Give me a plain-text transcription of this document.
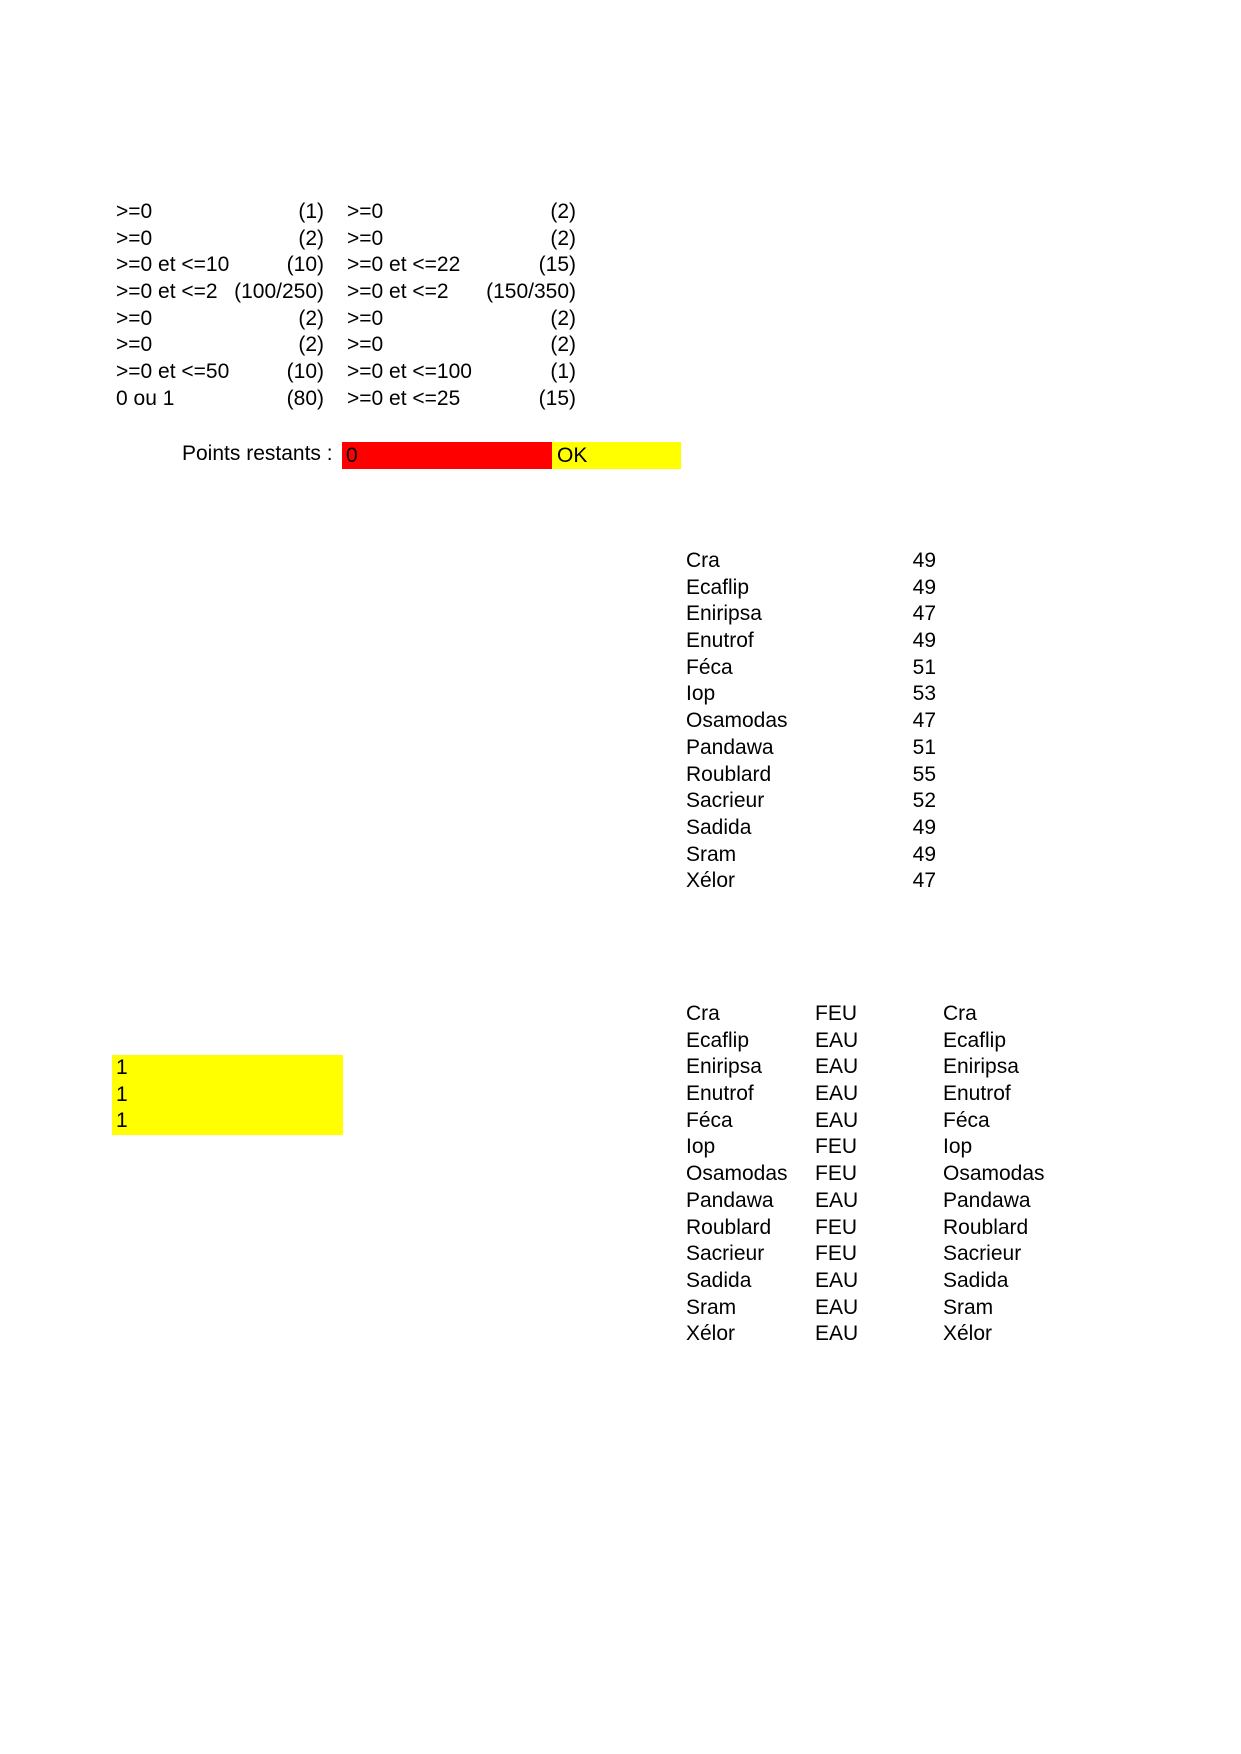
>=0	(1) >=0	(2)
>=0	(2) >=0	(2)
>=0 et <=10	(10) >=0 et <=22	(15)
>=0 et <=2 (100/250) >=0 et <=2 (150/350)
>=0	(2) >=0	(2)
>=0	(2) >=0	(2)
>=0 et <=50	(10) >=0 et <=100	(1)
0 ou 1	(80) >=0 et <=25	(15)
Points restants : 0	OK
Cra	49
Ecaflip	49
Eniripsa	47
Enutrof	49
Féca	51
Iop	53
Osamodas	47
Pandawa	51
Roublard	55
Sacrieur	52
Sadida	49
Sram	49
Xélor	47
1
1
1
Cra	FEU	Cra
Ecaflip	EAU	Ecaflip
Eniripsa	EAU	Eniripsa
Enutrof	EAU	Enutrof
Féca	EAU	Féca
Iop	FEU	Iop
Osamodas FEU	Osamodas
Pandawa EAU	Pandawa
Roublard FEU	Roublard
Sacrieur FEU	Sacrieur
Sadida	EAU	Sadida
Sram	EAU	Sram
Xélor	EAU	Xélor
